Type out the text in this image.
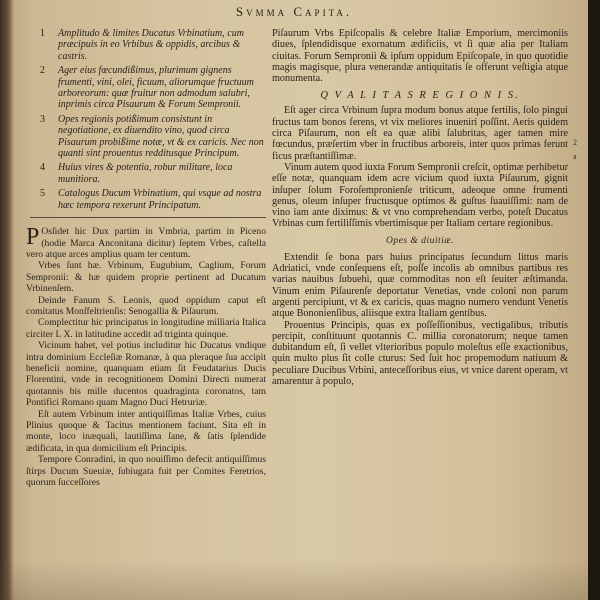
Svmma Capita.
1 Amplitudo & limites Ducatus Vrbinatium, cum præcipuis in eo Vrbibus & oppidis, arcibus & castris.
2 Ager eius fœcundißimus, plurimum gignens frumenti, vini, olei, ficuum, aliorumque fructuum arboreorum: quæ fruitur non admodum salubri, inprimis circa Pisaurum & Forum Sempronii.
3 Opes regionis potißimum consistunt in negotiatione, ex diuendito vino, quod circa Pisaurum probißime notæ, vt & ex caricis. Nec non quanti sint prouentus redditusque Principum.
4 Huius vires & potentia, robur militare, loca munitiora.
5 Catalogus Ducum Vrbinatium, qui vsque ad nostra hæc tempora rexerunt Principatum.

P Osſidet hic Dux partim in Vmbria, partim in Piceno (hodie Marca Anconitana dicitur) ſeptem Vrbes, caſtella vero atque arces amplius quam ter centum.

Vrbes ſunt hæ. Vrbinum, Eugubium, Caglium, Forum Sempronii: & hæ quidem proprie pertinent ad Ducatum Vrbinenſem.

Deinde Fanum S. Leonis, quod oppidum caput eſt comitatus Monſfeltrienſis: Senogallia & Piſaurum.

Complectitur hic principatus in longitudine milliaria Italica circiter L X. in latitudine accedit ad triginta quinque.

Vicinum habet, vel potius includitur hic Ducatus vndique intra dominium Eccleſiæ Romanæ, à qua pleraque ſua accipit beneficii nomine, quanquam etiam ſit Feudatarius Ducis Florentini, vnde in recognitionem Domini Directi numerat quotannis bis mille ducentos quadraginta coronatos, tam Pontifici Romano quam Magno Duci Hetruriæ.

Eſt autem Vrbinum inter antiquiſſimas Italiæ Vrbes, cuius Plinius quoque & Tacitus mentionem faciunt. Sita eſt in monte, loco inæquali, lautiſſima ſane, & ſatis ſplendide ædificata, in qua domicilium eſt Principis.

Tempore Conradini, in quo nouiſſimo defecit antiquiſſimus ſtirps Ducum Sueuiæ, ſubiugata fuit per Comites Feretrios, quorum ſucceſſores

Piſaurum Vrbs Epiſcopalis & celebre Italiæ Emporium, mercimoniis diues, ſplendidisque exornatum ædificiis, vt ſi quæ alia per Italiam ciuitas. Forum Sempronii & ipſum oppidum Epiſcopale, in quo quotidie magis magisque, plura venerandæ antiquitatis ſe offerunt veſtigia atque monumenta.

Q V A L I T A S R E G I O N I S.

Eſt ager circa Vrbinum ſupra modum bonus atque fertilis, ſolo pingui fructus tam bonos ferens, vt vix meliores inueniri poſſint. Aeris quidem circa Piſaurum, non eſt ea quæ alibi ſalubritas, ager tamen mire fœcundus, præſertim vber in fructibus arboreis, inter quos primas ferunt ficus præſtantiſſimæ.

Vinum autem quod iuxta Forum Sempronii creſcit, optimæ perhibetur eſſe notæ, quanquam idem acre vicium quod iuxta Piſaurum, gignit inſuper ſolum Foroſempronienſe triticum, adeoque omne frumenti genus, oleum inſuper fructusque optimos & guſtus ſuauiſſimi: nam de vino iam ante diximus: & vt vno comprehendam verbo, poteſt Ducatus Vrbinas cum fertiliſſimis vbertimisque per Italiam certare regionibus.

Opes & diuitiæ.

Extendit ſe bona pars huius principatus ſecundum littus maris Adriatici, vnde conſequens eſt, poſſe incolis ab omnibus partibus res varias nauibus ſubuehi, quæ commoditas non eſt ſeuiter æſtimanda. Vinum enim Piſaurenſe deportatur Venetias, vnde coloni non parum argenti percipiunt, vt & ex caricis, quas magno numero vendunt Venetis atque Bononienſibus, aliisque extra Italiam gentibus.

Prouentus Principis, quas ex poſſeſſionibus, vectigalibus, tributis percipit, conſtituunt quotannis C. millia coronatorum; neque tamen dubitandum eſt, ſi vellet vlterioribus populo moleſtus eſſe exactionibus, quin multo plus ſit colle cturus: Sed ſuit hoc propemodum natiuum & peculiare Ducibus Vrbini, anteceſſoribus eius, vt vnice darent operam, vt amarentur à populo,

2
a
